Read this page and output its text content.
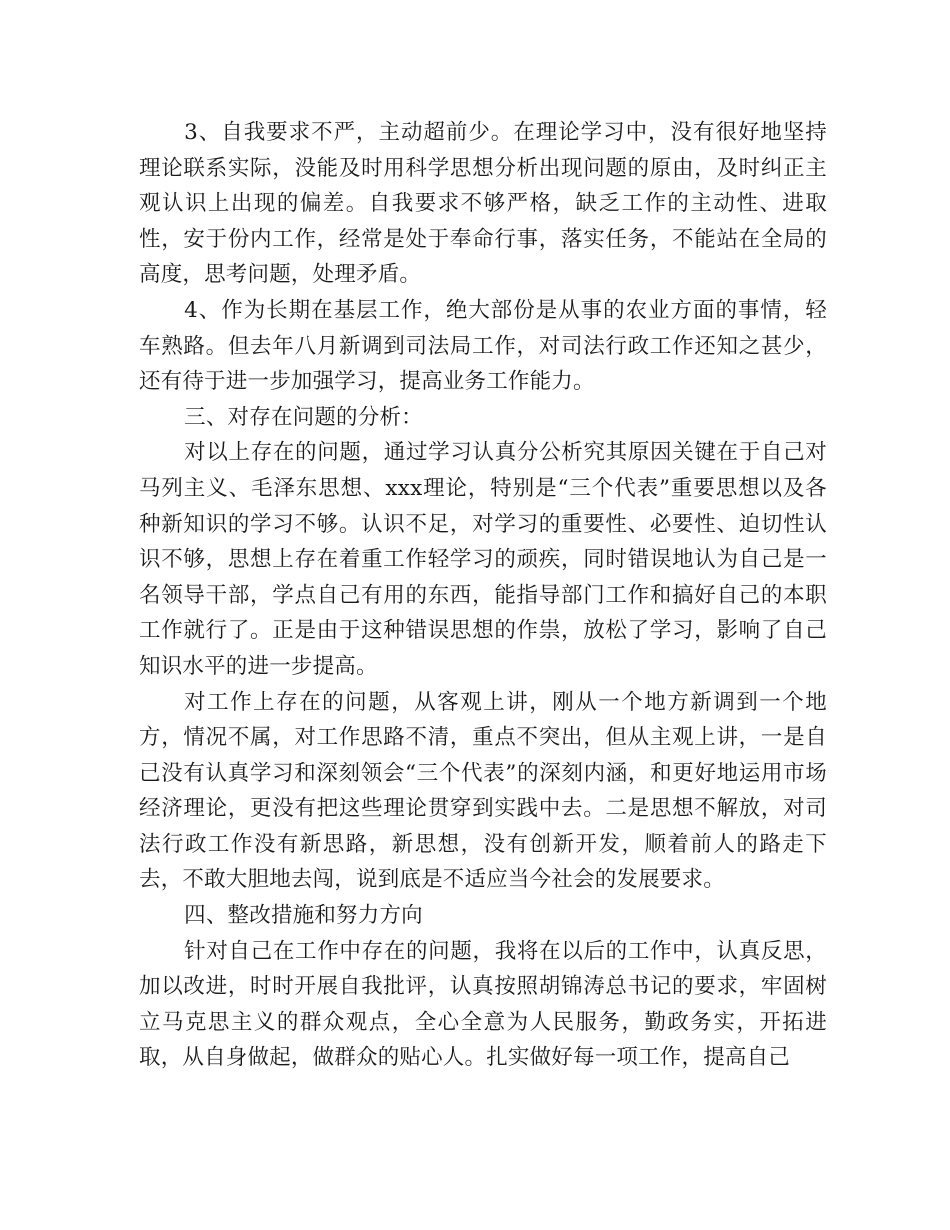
3、自我要求不严，主动超前少。在理论学习中，没有很好地坚持理论联系实际，没能及时用科学思想分析出现问题的原由，及时纠正主观认识上出现的偏差。自我要求不够严格，缺乏工作的主动性、进取性，安于份内工作，经常是处于奉命行事，落实任务，不能站在全局的高度，思考问题，处理矛盾。

4、作为长期在基层工作，绝大部份是从事的农业方面的事情，轻车熟路。但去年八月新调到司法局工作，对司法行政工作还知之甚少，还有待于进一步加强学习，提高业务工作能力。

三、对存在问题的分析：

对以上存在的问题，通过学习认真分公析究其原因关键在于自己对马列主义、毛泽东思想、xxx理论，特别是“三个代表”重要思想以及各种新知识的学习不够。认识不足，对学习的重要性、必要性、迫切性认识不够，思想上存在着重工作轻学习的顽疾，同时错误地认为自己是一名领导干部，学点自己有用的东西，能指导部门工作和搞好自己的本职工作就行了。正是由于这种错误思想的作祟，放松了学习，影响了自己知识水平的进一步提高。

对工作上存在的问题，从客观上讲，刚从一个地方新调到一个地方，情况不属，对工作思路不清，重点不突出，但从主观上讲，一是自己没有认真学习和深刻领会“三个代表”的深刻内涵，和更好地运用市场经济理论，更没有把这些理论贯穿到实践中去。二是思想不解放，对司法行政工作没有新思路，新思想，没有创新开发，顺着前人的路走下去，不敢大胆地去闯，说到底是不适应当今社会的发展要求。

四、整改措施和努力方向

针对自己在工作中存在的问题，我将在以后的工作中，认真反思，加以改进，时时开展自我批评，认真按照胡锦涛总书记的要求，牢固树立马克思主义的群众观点，全心全意为人民服务，勤政务实，开拓进取，从自身做起，做群众的贴心人。扎实做好每一项工作，提高自己
